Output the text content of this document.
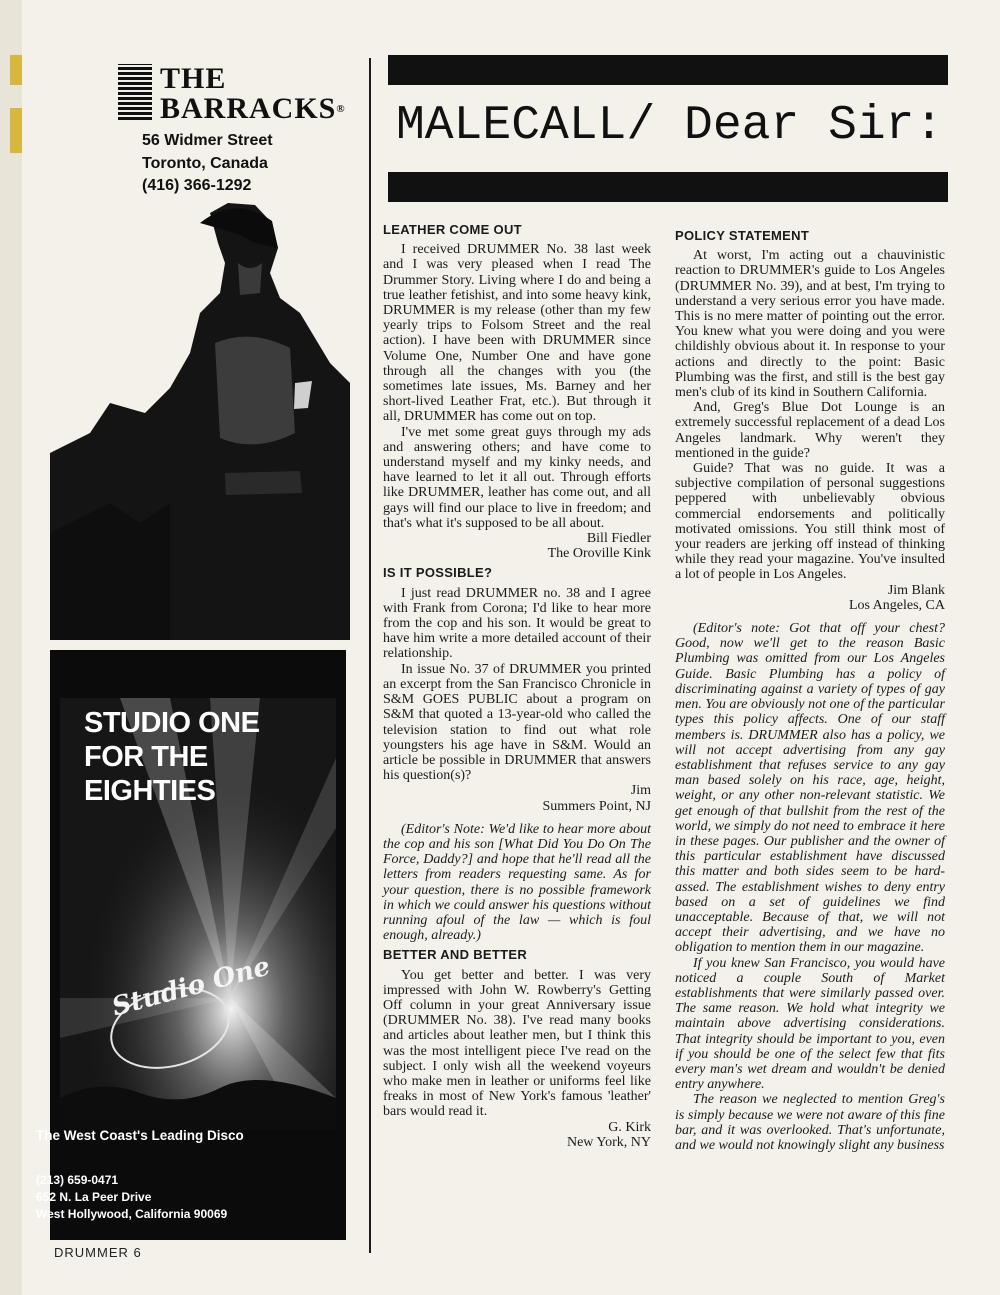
THE
BARRACKS®
56 Widmer Street
Toronto, Canada
(416) 366-1292
STUDIO ONE
FOR THE
EIGHTIES
Studio One
The West Coast's Leading Disco
(213) 659-0471
652 N. La Peer Drive
West Hollywood, California 90069
DRUMMER 6
MALECALL/ Dear Sir:
LEATHER COME OUT

I received DRUMMER No. 38 last week and I was very pleased when I read The Drummer Story. Living where I do and being a true leather fetishist, and into some heavy kink, DRUMMER is my release (other than my few yearly trips to Folsom Street and the real action). I have been with DRUMMER since Volume One, Number One and have gone through all the changes with you (the sometimes late issues, Ms. Barney and her short-lived Leather Frat, etc.). But through it all, DRUMMER has come out on top.

I've met some great guys through my ads and answering others; and have come to understand myself and my kinky needs, and have learned to let it all out. Through efforts like DRUMMER, leather has come out, and all gays will find our place to live in freedom; and that's what it's supposed to be all about.

Bill Fiedler

The Oroville Kink

IS IT POSSIBLE?

I just read DRUMMER no. 38 and I agree with Frank from Corona; I'd like to hear more from the cop and his son. It would be great to have him write a more detailed account of their relationship.

In issue No. 37 of DRUMMER you printed an excerpt from the San Francisco Chronicle in S&M GOES PUBLIC about a program on S&M that quoted a 13-year-old who called the television station to find out what role youngsters his age have in S&M. Would an article be possible in DRUMMER that answers his question(s)?

Jim

Summers Point, NJ

(Editor's Note: We'd like to hear more about the cop and his son [What Did You Do On The Force, Daddy?] and hope that he'll read all the letters from readers requesting same. As for your question, there is no possible framework in which we could answer his questions without running afoul of the law — which is foul enough, already.)

BETTER AND BETTER

You get better and better. I was very impressed with John W. Rowberry's Getting Off column in your great Anniversary issue (DRUMMER No. 38). I've read many books and articles about leather men, but I think this was the most intelligent piece I've read on the subject. I only wish all the weekend voyeurs who make men in leather or uniforms feel like freaks in most of New York's famous 'leather' bars would read it.

G. Kirk

New York, NY

POLICY STATEMENT

At worst, I'm acting out a chauvinistic reaction to DRUMMER's guide to Los Angeles (DRUMMER No. 39), and at best, I'm trying to understand a very serious error you have made. This is no mere matter of pointing out the error. You knew what you were doing and you were childishly obvious about it. In response to your actions and directly to the point: Basic Plumbing was the first, and still is the best gay men's club of its kind in Southern California.

And, Greg's Blue Dot Lounge is an extremely successful replacement of a dead Los Angeles landmark. Why weren't they mentioned in the guide?

Guide? That was no guide. It was a subjective compilation of personal suggestions peppered with unbelievably obvious commercial endorsements and politically motivated omissions. You still think most of your readers are jerking off instead of thinking while they read your magazine. You've insulted a lot of people in Los Angeles.

Jim Blank

Los Angeles, CA

(Editor's note: Got that off your chest? Good, now we'll get to the reason Basic Plumbing was omitted from our Los Angeles Guide. Basic Plumbing has a policy of discriminating against a variety of types of gay men. You are obviously not one of the particular types this policy affects. One of our staff members is. DRUMMER also has a policy, we will not accept advertising from any gay establishment that refuses service to any gay man based solely on his race, age, height, weight, or any other non-relevant statistic. We get enough of that bullshit from the rest of the world, we simply do not need to embrace it here in these pages. Our publisher and the owner of this particular establishment have discussed this matter and both sides seem to be hard-assed. The establishment wishes to deny entry based on a set of guidelines we find unacceptable. Because of that, we will not accept their advertising, and we have no obligation to mention them in our magazine.

If you knew San Francisco, you would have noticed a couple South of Market establishments that were similarly passed over. The same reason. We hold what integrity we maintain above advertising considerations. That integrity should be important to you, even if you should be one of the select few that fits every man's wet dream and wouldn't be denied entry anywhere.

The reason we neglected to mention Greg's is simply because we were not aware of this fine bar, and it was overlooked. That's unfortunate, and we would not knowingly slight any business
